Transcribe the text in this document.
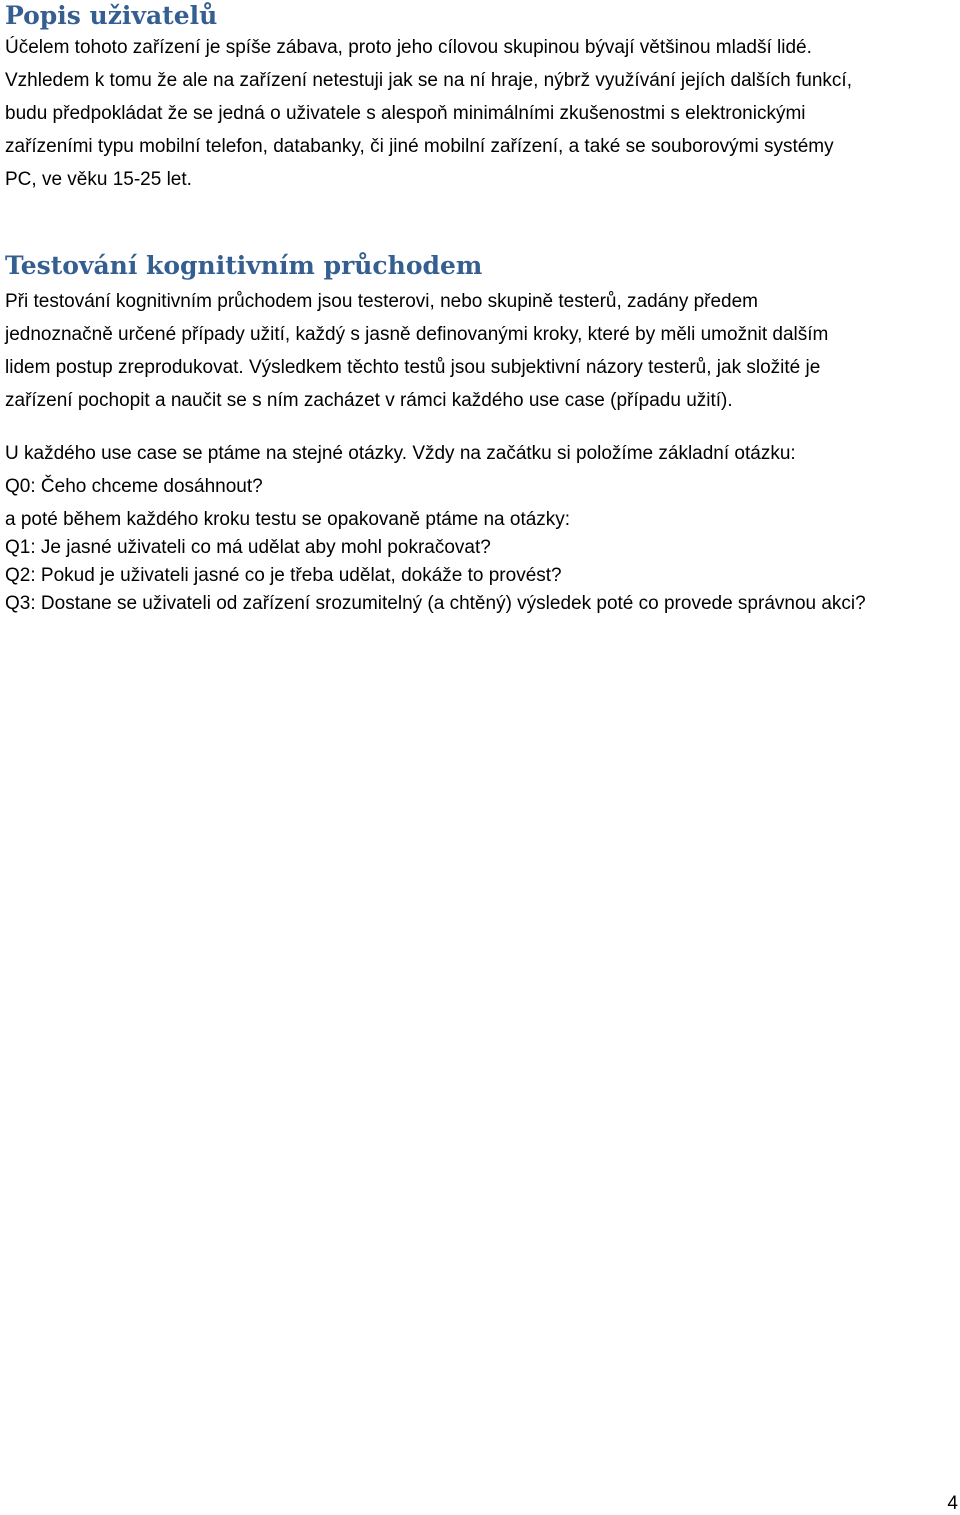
Popis uživatelů

Účelem tohoto zařízení je spíše zábava, proto jeho cílovou skupinou bývají většinou mladší lidé.

Vzhledem k tomu že ale na zařízení netestuji jak se na ní hraje, nýbrž využívání jejích dalších funkcí,

budu předpokládat že se jedná o uživatele s alespoň minimálními zkušenostmi s elektronickými

zařízeními typu mobilní telefon, databanky, či jiné mobilní zařízení, a také se souborovými systémy

PC, ve věku 15-25 let.

Testování kognitivním průchodem

Při testování kognitivním průchodem jsou testerovi, nebo skupině testerů, zadány předem

jednoznačně určené případy užití, každý s jasně definovanými kroky, které by měli umožnit dalším

lidem postup zreprodukovat. Výsledkem těchto testů jsou subjektivní názory testerů, jak složité je

zařízení pochopit a naučit se s ním zacházet v rámci každého use case (případu užití).

U každého use case se ptáme na stejné otázky. Vždy na začátku si položíme základní otázku:

Q0: Čeho chceme dosáhnout?

a poté během každého kroku testu se opakovaně ptáme na otázky:

Q1: Je jasné uživateli co má udělat aby mohl pokračovat?

Q2: Pokud je uživateli jasné co je třeba udělat, dokáže to provést?

Q3: Dostane se uživateli od zařízení srozumitelný (a chtěný) výsledek poté co provede správnou akci?

4
